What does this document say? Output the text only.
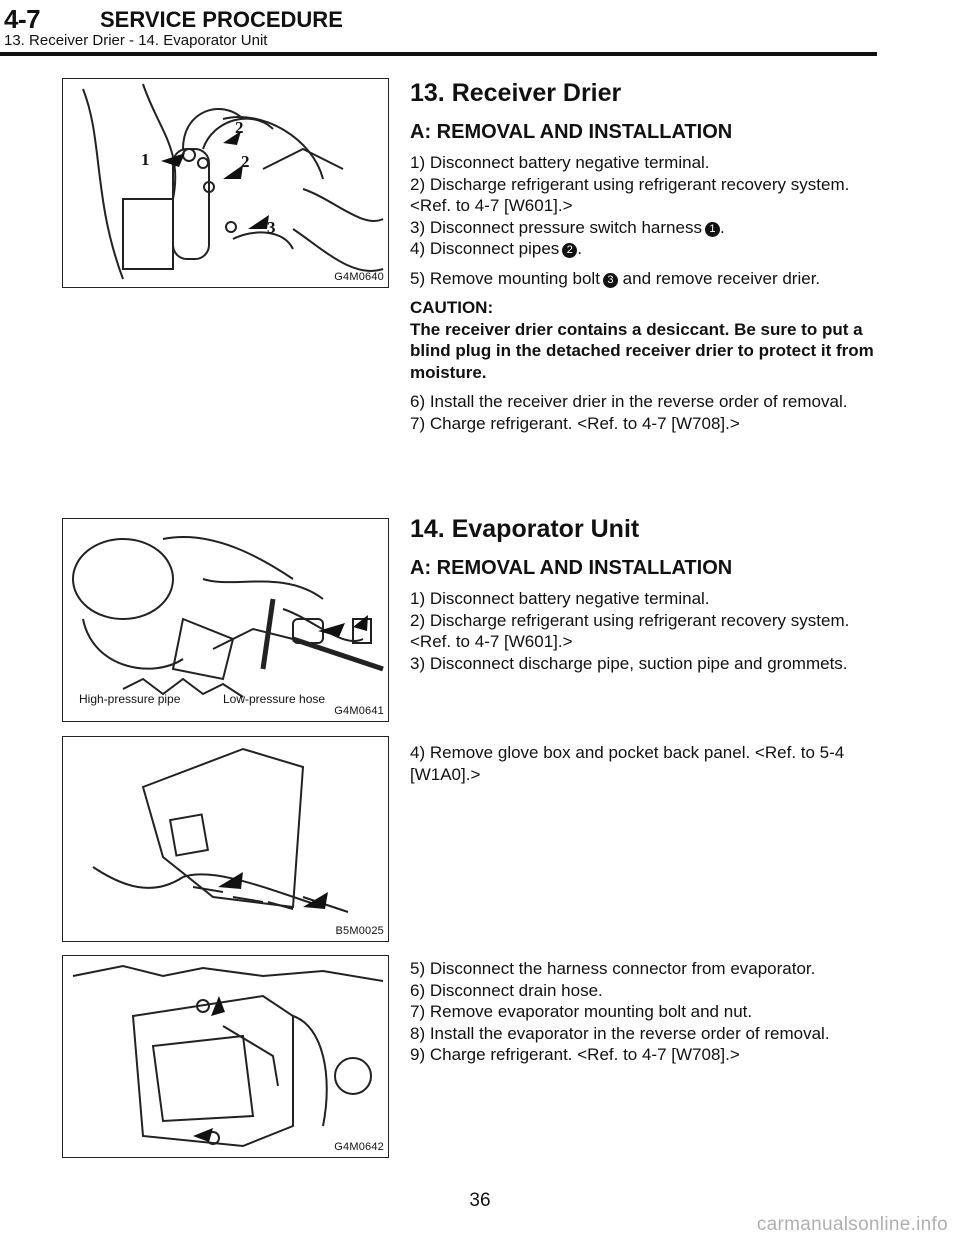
4-7	SERVICE PROCEDURE
13. Receiver Drier - 14. Evaporator Unit
1
2
2
3
G4M0640
13. Receiver Drier
A: REMOVAL AND INSTALLATION
1) Disconnect battery negative terminal.
2) Discharge refrigerant using refrigerant recovery system.
<Ref. to 4-7 [W601].>
3) Disconnect pressure switch harness 1 .
4) Disconnect pipes 2 .
5) Remove mounting bolt 3 and remove receiver drier.
CAUTION:
The receiver drier contains a desiccant. Be sure to put a blind plug in the detached receiver drier to protect it from moisture.
6) Install the receiver drier in the reverse order of removal.
7) Charge refrigerant. <Ref. to 4-7 [W708].>
High-pressure pipe	Low-pressure hose
G4M0641
14. Evaporator Unit
A: REMOVAL AND INSTALLATION
1) Disconnect battery negative terminal.
2) Discharge refrigerant using refrigerant recovery system.
<Ref. to 4-7 [W601].>
3) Disconnect discharge pipe, suction pipe and grommets.
B5M0025
4) Remove glove box and pocket back panel. <Ref. to 5-4 [W1A0].>
G4M0642
5) Disconnect the harness connector from evaporator.
6) Disconnect drain hose.
7) Remove evaporator mounting bolt and nut.
8) Install the evaporator in the reverse order of removal.
9) Charge refrigerant. <Ref. to 4-7 [W708].>
36
carmanualsonline.info
